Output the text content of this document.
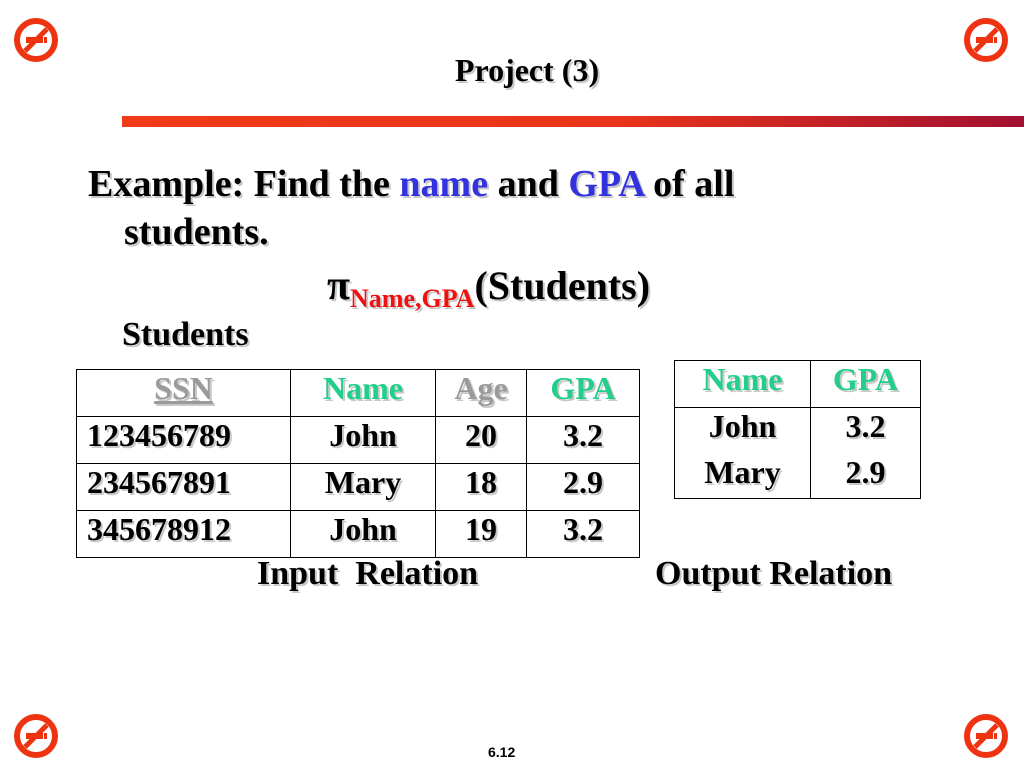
Project (3)
Example: Find the name and GPA of all
students.
$\pi_{Name,GPA}(Students)$
Students
SSN	Name	Age	GPA
123456789	John	20	3.2
234567891	Mary	18	2.9
345678912	John	19	3.2
Name	GPA
John	3.2
Mary	2.9
Input  Relation	Output Relation
6.12
